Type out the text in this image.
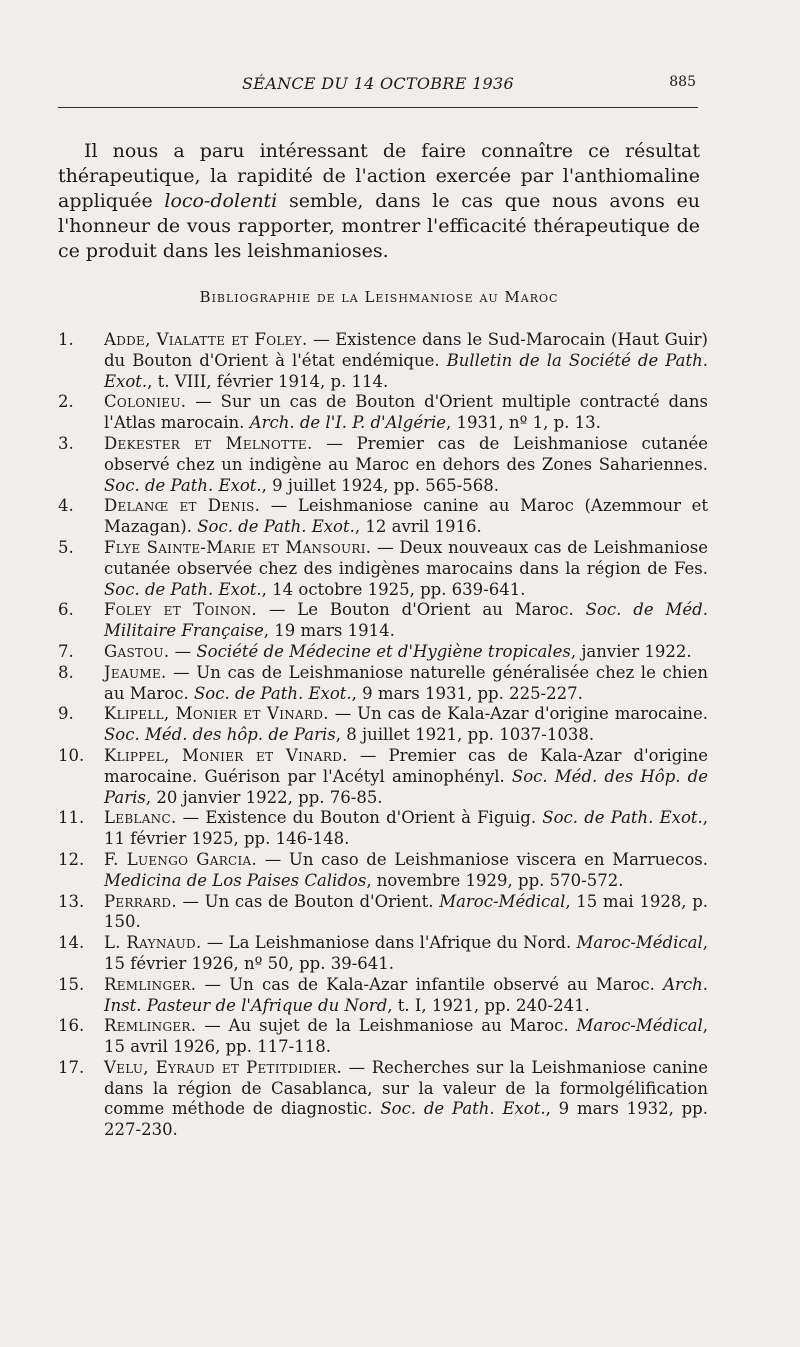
SÉANCE DU 14 OCTOBRE 1936	885

Il nous a paru intéressant de faire connaître ce résultat thérapeutique, la rapidité de l'action exercée par l'anthiomaline appliquée loco-dolenti semble, dans le cas que nous avons eu l'honneur de vous rapporter, montrer l'efficacité thérapeutique de ce produit dans les leishmanioses.

Bibliographie de la Leishmaniose au Maroc
1.	Adde, Vialatte et Foley. — Existence dans le Sud-Marocain (Haut Guir) du Bouton d'Orient à l'état endémique. Bulletin de la Société de Path. Exot., t. VIII, février 1914, p. 114.
2.	Colonieu. — Sur un cas de Bouton d'Orient multiple contracté dans l'Atlas marocain. Arch. de l'I. P. d'Algérie, 1931, nº 1, p. 13.
3.	Dekester et Melnotte. — Premier cas de Leishmaniose cutanée observé chez un indigène au Maroc en dehors des Zones Sahariennes. Soc. de Path. Exot., 9 juillet 1924, pp. 565-568.
4.	Delanœ et Denis. — Leishmaniose canine au Maroc (Azemmour et Mazagan). Soc. de Path. Exot., 12 avril 1916.
5.	Flye Sainte-Marie et Mansouri. — Deux nouveaux cas de Leishmaniose cutanée observée chez des indigènes marocains dans la région de Fes. Soc. de Path. Exot., 14 octobre 1925, pp. 639-641.
6.	Foley et Toinon. — Le Bouton d'Orient au Maroc. Soc. de Méd. Militaire Française, 19 mars 1914.
7.	Gastou. — Société de Médecine et d'Hygiène tropicales, janvier 1922.
8.	Jeaume. — Un cas de Leishmaniose naturelle généralisée chez le chien au Maroc. Soc. de Path. Exot., 9 mars 1931, pp. 225-227.
9.	Klipell, Monier et Vinard. — Un cas de Kala-Azar d'origine marocaine. Soc. Méd. des hôp. de Paris, 8 juillet 1921, pp. 1037-1038.
10.	Klippel, Monier et Vinard. — Premier cas de Kala-Azar d'origine marocaine. Guérison par l'Acétyl aminophényl. Soc. Méd. des Hôp. de Paris, 20 janvier 1922, pp. 76-85.
11.	Leblanc. — Existence du Bouton d'Orient à Figuig. Soc. de Path. Exot., 11 février 1925, pp. 146-148.
12.	F. Luengo Garcia. — Un caso de Leishmaniose viscera en Marruecos. Medicina de Los Paises Calidos, novembre 1929, pp. 570-572.
13.	Perrard. — Un cas de Bouton d'Orient. Maroc-Médical, 15 mai 1928, p. 150.
14.	L. Raynaud. — La Leishmaniose dans l'Afrique du Nord. Maroc-Médical, 15 février 1926, nº 50, pp. 39-641.
15.	Remlinger. — Un cas de Kala-Azar infantile observé au Maroc. Arch. Inst. Pasteur de l'Afrique du Nord, t. I, 1921, pp. 240-241.
16.	Remlinger. — Au sujet de la Leishmaniose au Maroc. Maroc-Médical, 15 avril 1926, pp. 117-118.
17.	Velu, Eyraud et Petitdidier. — Recherches sur la Leishmaniose canine dans la région de Casablanca, sur la valeur de la formolgélification comme méthode de diagnostic. Soc. de Path. Exot., 9 mars 1932, pp. 227-230.
